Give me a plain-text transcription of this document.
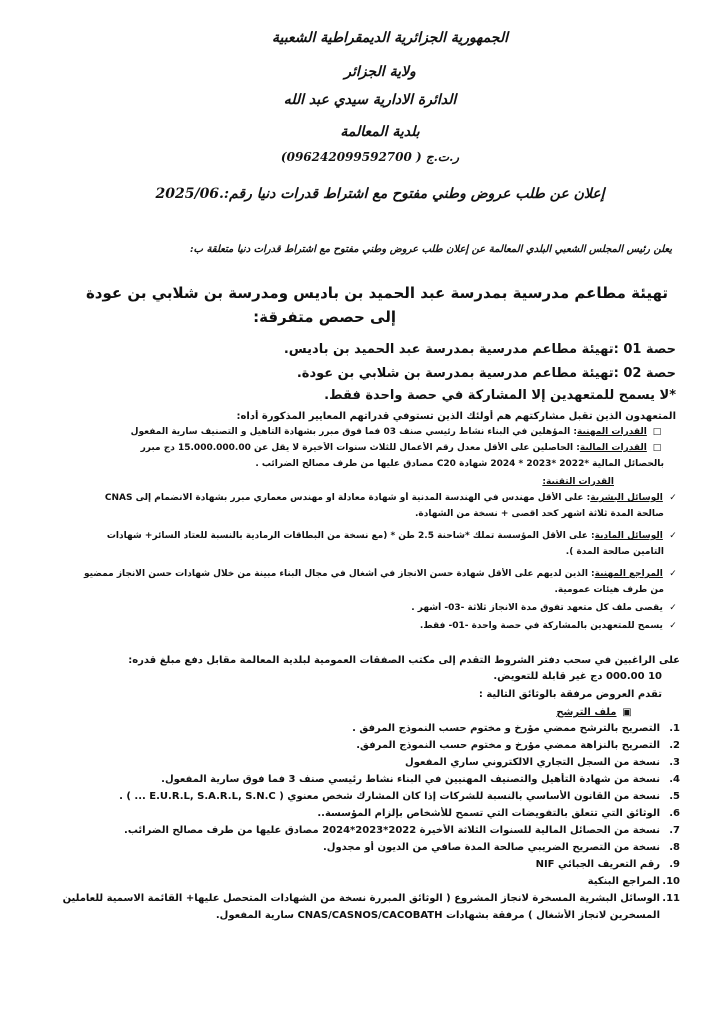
الجمهورية الجزائرية الديمقراطية الشعبية
ولاية الجزائر
الدائرة الادارية سيدي عبد الله
بلدية المعالمة
ر.ت.ج ( 096242099592700)
إعلان عن طلب عروض وطني مفتوح مع اشتراط قدرات دنيا رقم:.2025/06
يعلن رئيس المجلس الشعبي البلدي المعالمة عن إعلان طلب عروض وطني مفتوح مع اشتراط قدرات دنيا متعلقة ب:
تهيئة مطاعم مدرسية بمدرسة عبد الحميد بن باديس ومدرسة بن شلابي بن عودة
إلى حصص متفرقة:
حصة 01 :تهيئة مطاعم مدرسية بمدرسة عبد الحميد بن باديس.
حصة 02 :تهيئة مطاعم مدرسية بمدرسة بن شلابي بن عودة.
*لا يسمح للمتعهدين إلا المشاركة في حصة واحدة فقط.
المتعهدون الذين تقبل مشاركتهم هم أولئك الذين تستوفي قدراتهم المعايير المذكورة أداه:
□ القدرات المهنية: المؤهلين في البناء نشاط رئيسي صنف 03 فما فوق مبرر بشهادة التاهيل و التصنيف سارية المفعول
□ القدرات المالية: الحاصلين على الأقل معدل رقم الأعمال للثلاث سنوات الأخيرة لا يقل عن 15.000.000.00 دج مبرر
بالحصائل المالية *2022 *2023 * 2024 شهادة C20 مصادق عليها من طرف مصالح الضرائب .
القدرات التقنية:
✓ الوسائل البشرية: على الأقل مهندس في الهندسة المدنية أو شهادة معادلة او مهندس معماري مبرر بشهادة الانضمام إلى CNAS
صالحة المدة ثلاثة اشهر كحد اقصى + نسخة من الشهادة.
✓ الوسائل المادية: على الأقل المؤسسة تملك *شاحنة 2.5 طن * (مع نسخة من البطاقات الرمادية بالنسبة للعتاد السائر+ شهادات
التامين صالحة المدة ).
✓ المراجع المهنية: الذين لديهم على الأقل شهادة حسن الانجاز في أشغال في مجال البناء مبينة من خلال شهادات حسن الانجاز ممضيو
من طرف هيئات عمومية.
✓ يقصى ملف كل متعهد تفوق مدة الانجاز ثلاثة -03- أشهر .
✓ يسمح للمتعهدين بالمشاركة في حصة واحدة -01- فقط.
على الراغبين في سحب دفتر الشروط التقدم إلى مكتب الصفقات العمومية لبلدية المعالمة مقابل دفع مبلغ قدره:
10 000.00 دج غير قابلة للتعويض.
تقدم العروض مرفقة بالوثائق التالية :
▣ ملف الترشح
1.التصريح بالترشح ممضي مؤرخ و مختوم حسب النموذج المرفق .
2.التصريح بالنزاهة ممضي مؤرخ و مختوم حسب النموذج المرفق.
3.نسخة من السجل التجاري الالكتروني ساري المفعول
4.نسخة من شهادة التأهيل والتصنيف المهنيين في البناء نشاط رئيسي صنف 3 فما فوق سارية المفعول.
5.نسخة من القانون الأساسي بالنسبة للشركات إذا كان المشارك شخص معنوي ( E.U.R.L, S.A.R.L, S.N.C ... ) .
6.الوثائق التي تتعلق بالتفويضات التي تسمح للأشخاص بإلزام المؤسسة..
7.نسخة من الحصائل المالية للسنوات الثلاثة الأخيرة 2022*2023*2024 مصادق عليها من طرف مصالح الضرائب.
8.نسخة من التصريح الضريبي صالحة المدة صافي من الديون أو مجدول.
9.رقم التعريف الجبائي NIF
10.المراجع البنكية
11.الوسائل البشرية المسخرة لانجاز المشروع ( الوثائق المبررة نسخة من الشهادات المتحصل عليها+ القائمة الاسمية للعاملين
المسخرين لانجاز الأشغال ) مرفقة بشهادات CNAS/CASNOS/CACOBATH سارية المفعول.
